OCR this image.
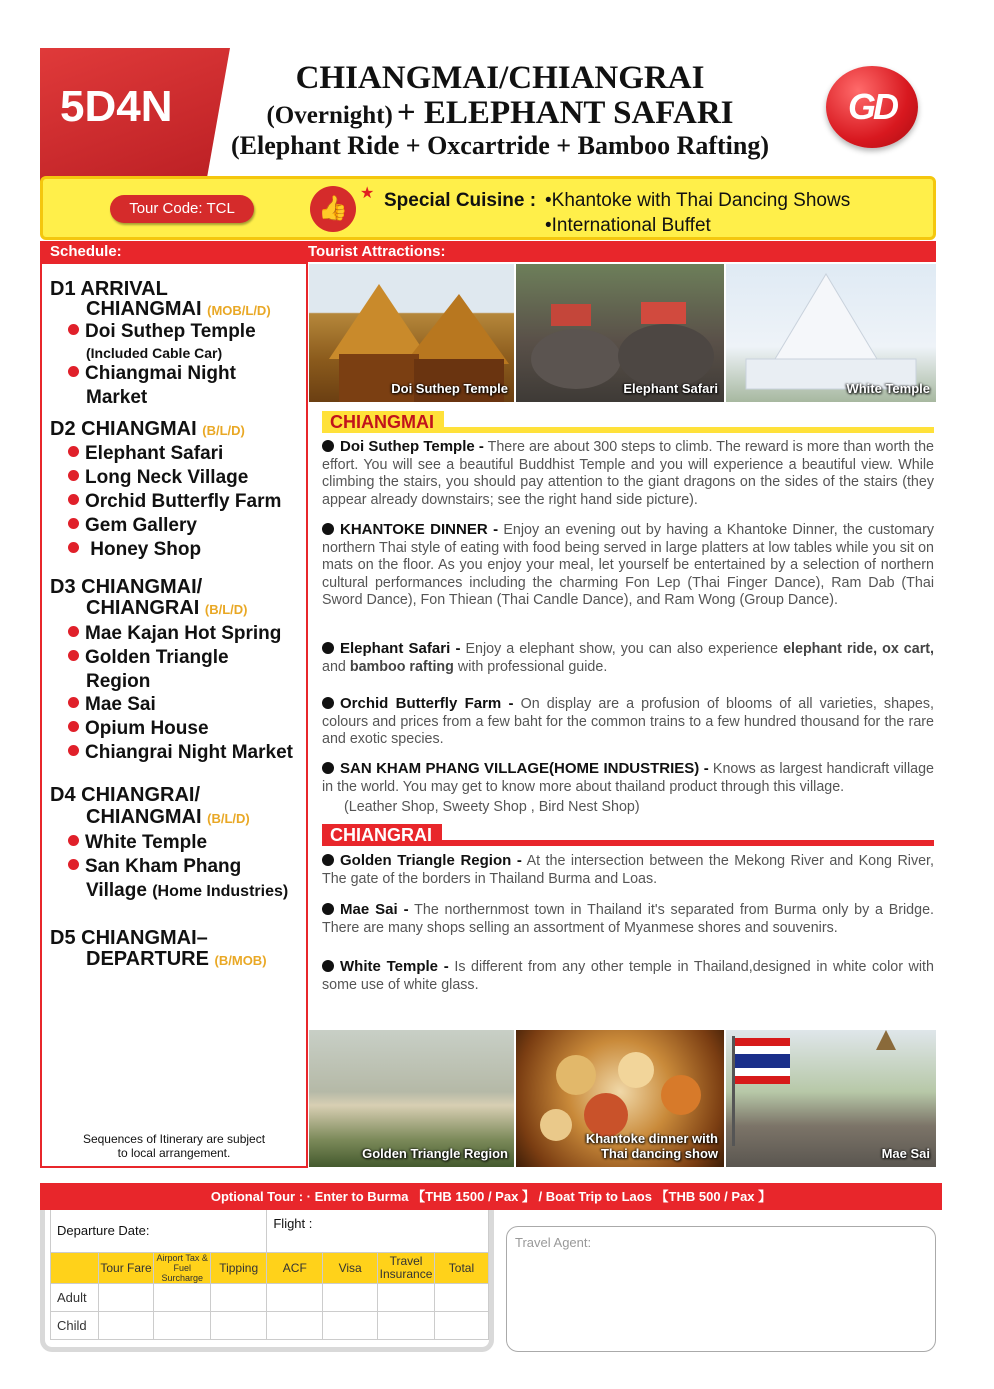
5D4N
CHIANGMAI/CHIANGRAI
(Overnight) + ELEPHANT SAFARI
(Elephant Ride + Oxcartride + Bamboo Rafting)
GD
Tour Code: TCL	👍
★ Special Cuisine : •Khantoke with Thai Dancing Shows
•International Buffet
Schedule:	Tourist Attractions:
D1 ARRIVAL
CHIANGMAI (MOB/L/D)
Doi Suthep Temple
(Included Cable Car)
Chiangmai Night
Market
D2 CHIANGMAI (B/L/D)
Elephant Safari
Long Neck Village
Orchid Butterfly Farm
Gem Gallery
Honey Shop
D3 CHIANGMAI/
CHIANGRAI (B/L/D)
Mae Kajan Hot Spring
Golden Triangle
Region
Mae Sai
Opium House
Chiangrai Night Market
D4 CHIANGRAI/
CHIANGMAI (B/L/D)
White Temple
San Kham Phang
Village (Home Industries)
D5 CHIANGMAI–
DEPARTURE (B/MOB)
Sequences of Itinerary are subject
to local arrangement.
Doi Suthep Temple	Elephant Safari	White Temple
CHIANGMAI
Doi Suthep Temple - There are about 300 steps to climb. The reward is more than worth the effort. You will see a beautiful Buddhist Temple and you will experience a beautiful view. While climbing the stairs, you should pay attention to the giant dragons on the sides of the stairs (they appear already downstairs; see the right hand side picture).
KHANTOKE DINNER - Enjoy an evening out by having a Khantoke Dinner, the customary northern Thai style of eating with food being served in large platters at low tables while you sit on mats on the floor. As you enjoy your meal, let yourself be entertained by a selection of northern cultural performances including the charming Fon Lep (Thai Finger Dance), Ram Dab (Thai Sword Dance), Fon Thiean (Thai Candle Dance), and Ram Wong (Group Dance).
Elephant Safari - Enjoy a elephant show, you can also experience elephant ride, ox cart, and bamboo rafting with professional guide.
Orchid Butterfly Farm - On display are a profusion of blooms of all varieties, shapes, colours and prices from a few baht for the common trains to a few hundred thousand for the rare and exotic species.
SAN KHAM PHANG VILLAGE(HOME INDUSTRIES) - Knows as largest handicraft village in the world. You may get to know more about thailand product through this village.
(Leather Shop, Sweety Shop , Bird Nest Shop)
CHIANGRAI
Golden Triangle Region - At the intersection between the Mekong River and Kong River, The gate of the borders in Thailand Burma and Loas.
Mae Sai - The northernmost town in Thailand it's separated from Burma only by a Bridge. There are many shops selling an assortment of Myanmese shores and souvenirs.
White Temple - Is different from any other temple in Thailand,designed in white color with some use of white glass.
Golden Triangle Region
Khantoke dinner with
Thai dancing show	Mae Sai
Optional Tour : · Enter to Burma 【THB 1500 / Pax 】 / Boat Trip to Laos 【THB 500 / Pax 】
Departure Date:				Flight :			
	Tour Fare	Airport Tax & Fuel Surcharge	Tipping	ACF	Visa	Travel Insurance	Total
Adult							
Child							
Travel Agent:
